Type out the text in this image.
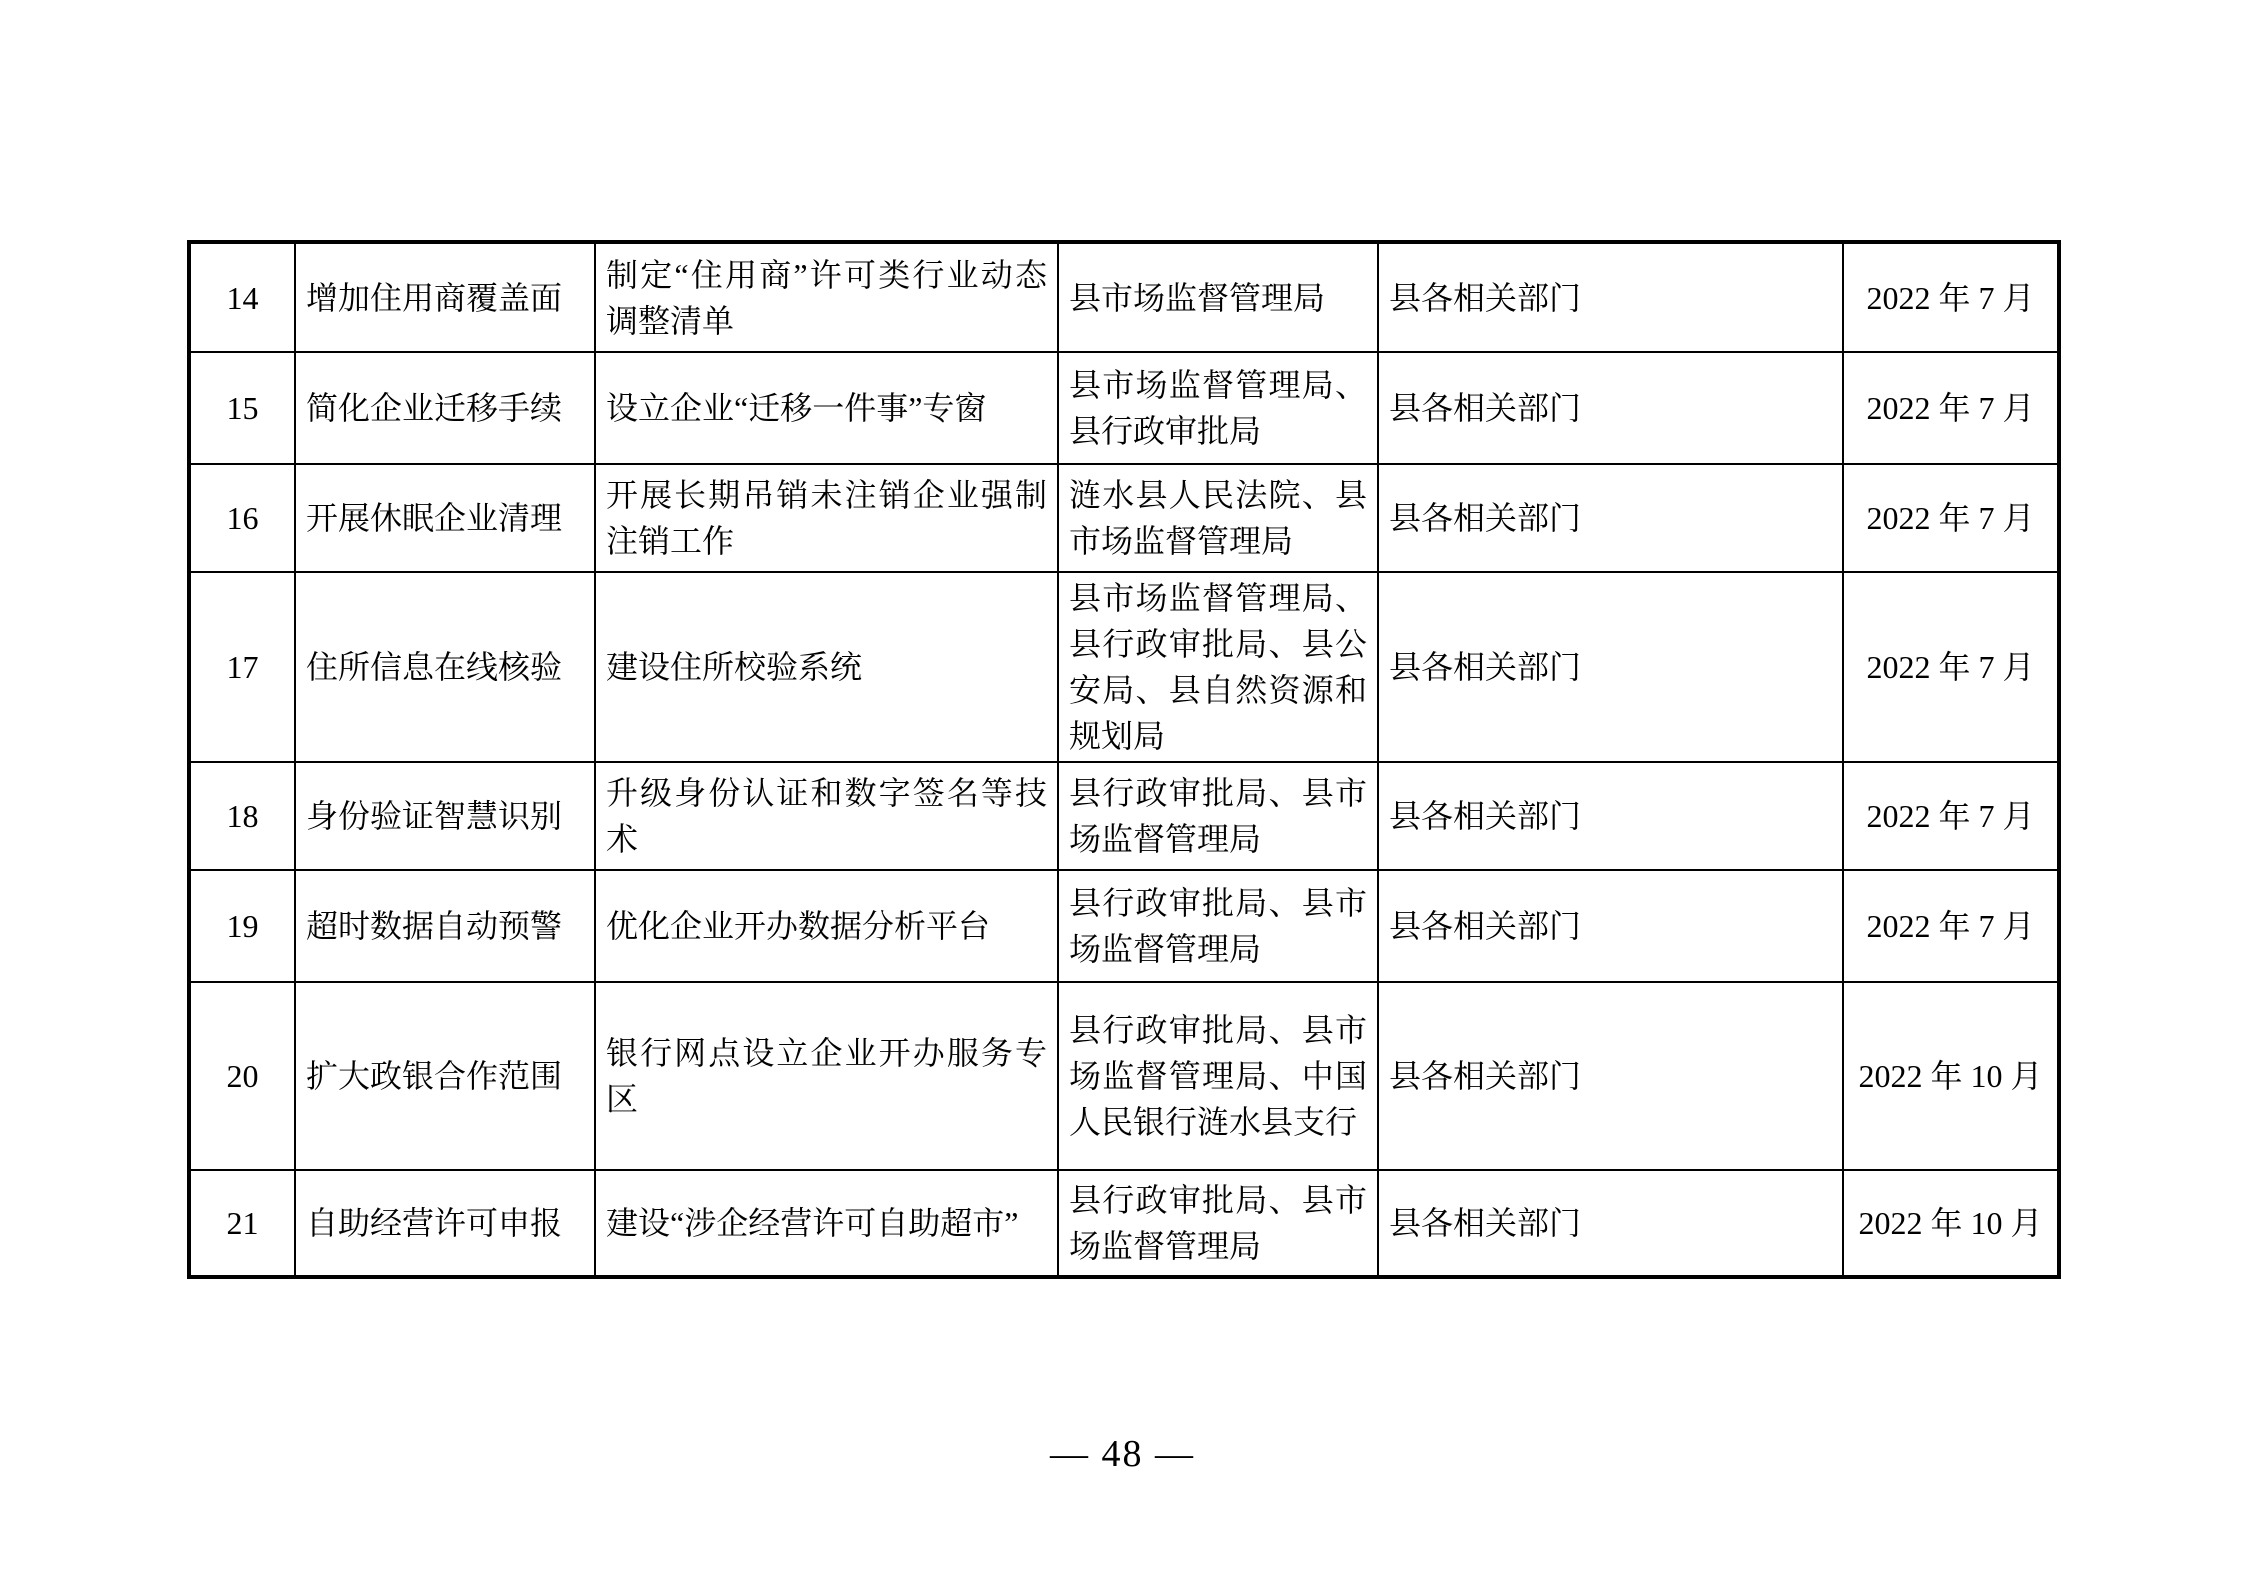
14	增加住用商覆盖面	制定“住用商”许可类行业动态调整清单	县市场监督管理局	县各相关部门	2022 年 7 月
15	简化企业迁移手续	设立企业“迁移一件事”专窗	县市场监督管理局、县行政审批局	县各相关部门	2022 年 7 月
16	开展休眠企业清理	开展长期吊销未注销企业强制注销工作	涟水县人民法院、县市场监督管理局	县各相关部门	2022 年 7 月
17	住所信息在线核验	建设住所校验系统	县市场监督管理局、县行政审批局、县公安局、县自然资源和规划局	县各相关部门	2022 年 7 月
18	身份验证智慧识别	升级身份认证和数字签名等技术	县行政审批局、县市场监督管理局	县各相关部门	2022 年 7 月
19	超时数据自动预警	优化企业开办数据分析平台	县行政审批局、县市场监督管理局	县各相关部门	2022 年 7 月
20	扩大政银合作范围	银行网点设立企业开办服务专区	县行政审批局、县市场监督管理局、中国人民银行涟水县支行	县各相关部门	2022 年 10 月
21	自助经营许可申报	建设“涉企经营许可自助超市”	县行政审批局、县市场监督管理局	县各相关部门	2022 年 10 月
— 48 —
